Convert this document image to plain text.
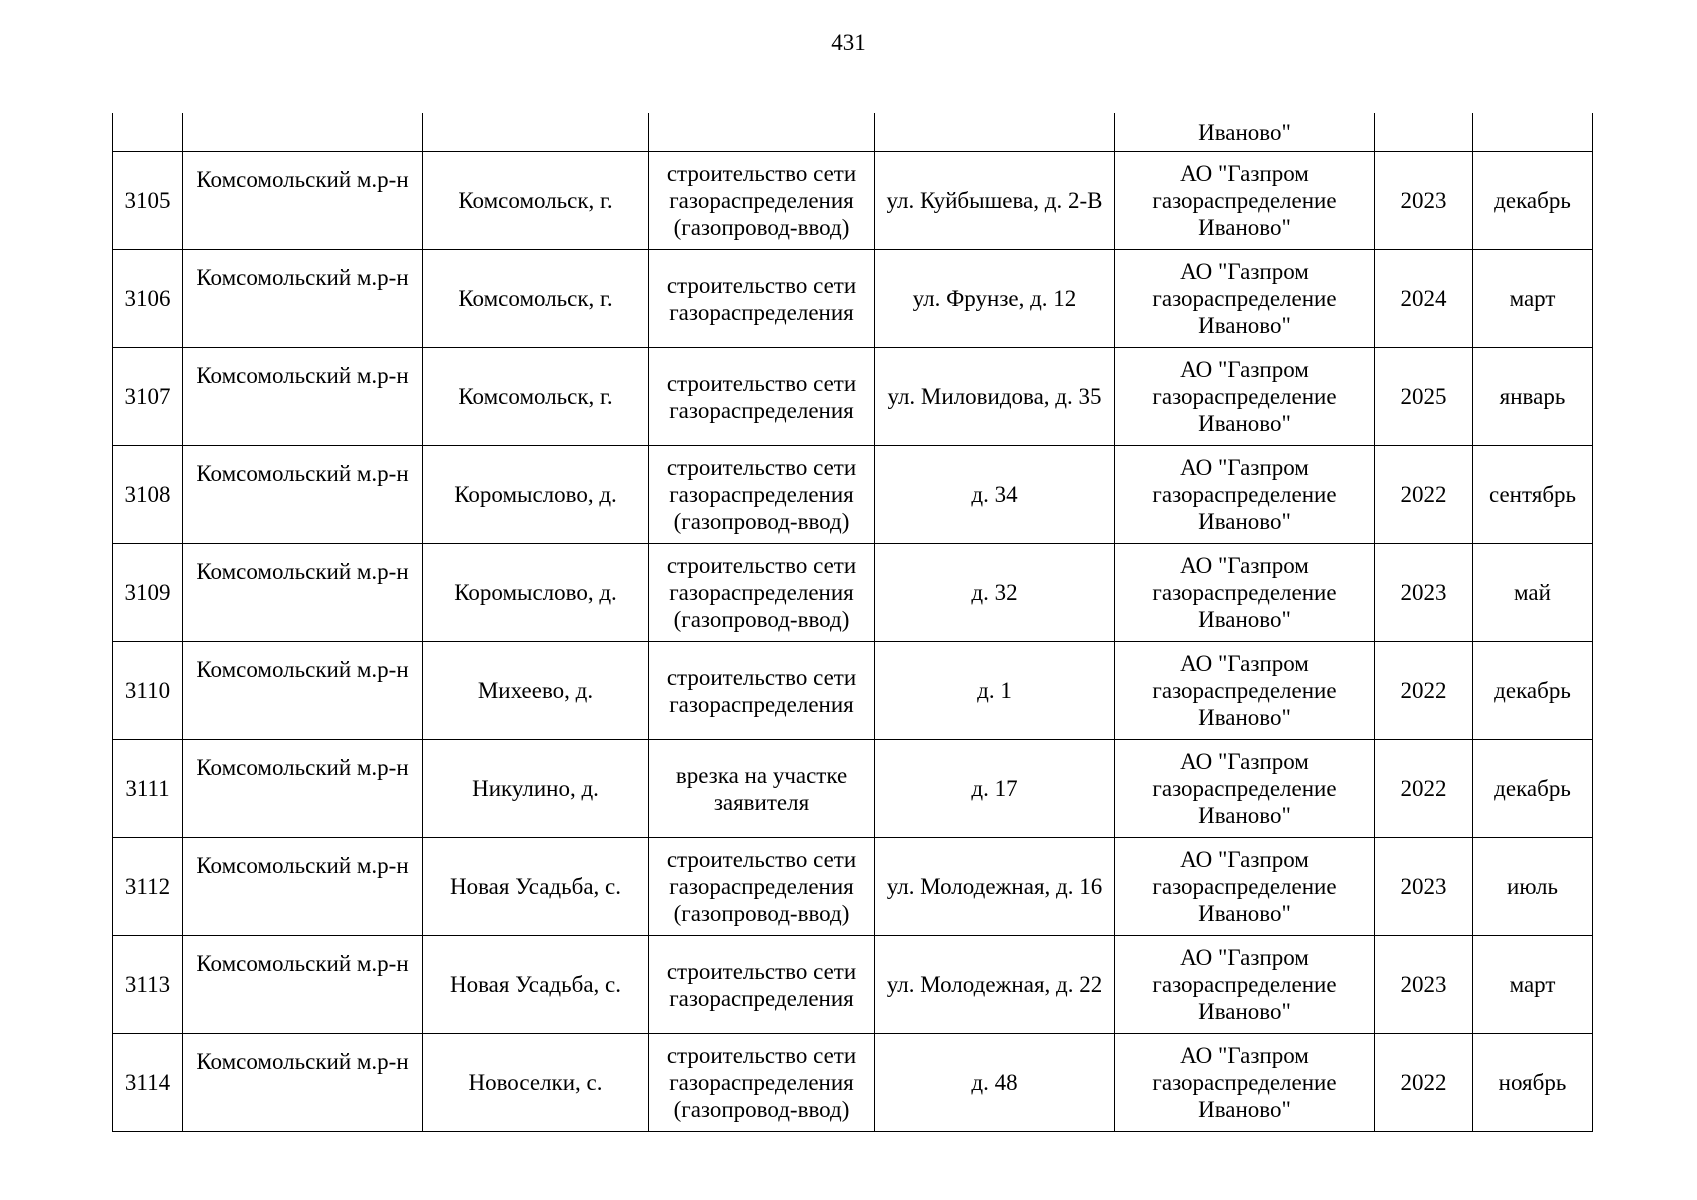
431
					Иваново"		
3105	Комсомольский м.р-н	Комсомольск, г.	строительство сети газораспределения (газопровод-ввод)	ул. Куйбышева, д. 2-В	АО "Газпром газораспределение Иваново"	2023	декабрь
3106	Комсомольский м.р-н	Комсомольск, г.	строительство сети газораспределения	ул. Фрунзе, д. 12	АО "Газпром газораспределение Иваново"	2024	март
3107	Комсомольский м.р-н	Комсомольск, г.	строительство сети газораспределения	ул. Миловидова, д. 35	АО "Газпром газораспределение Иваново"	2025	январь
3108	Комсомольский м.р-н	Коромыслово, д.	строительство сети газораспределения (газопровод-ввод)	д. 34	АО "Газпром газораспределение Иваново"	2022	сентябрь
3109	Комсомольский м.р-н	Коромыслово, д.	строительство сети газораспределения (газопровод-ввод)	д. 32	АО "Газпром газораспределение Иваново"	2023	май
3110	Комсомольский м.р-н	Михеево, д.	строительство сети газораспределения	д. 1	АО "Газпром газораспределение Иваново"	2022	декабрь
3111	Комсомольский м.р-н	Никулино, д.	врезка на участке заявителя	д. 17	АО "Газпром газораспределение Иваново"	2022	декабрь
3112	Комсомольский м.р-н	Новая Усадьба, с.	строительство сети газораспределения (газопровод-ввод)	ул. Молодежная, д. 16	АО "Газпром газораспределение Иваново"	2023	июль
3113	Комсомольский м.р-н	Новая Усадьба, с.	строительство сети газораспределения	ул. Молодежная, д. 22	АО "Газпром газораспределение Иваново"	2023	март
3114	Комсомольский м.р-н	Новоселки, с.	строительство сети газораспределения (газопровод-ввод)	д. 48	АО "Газпром газораспределение Иваново"	2022	ноябрь
